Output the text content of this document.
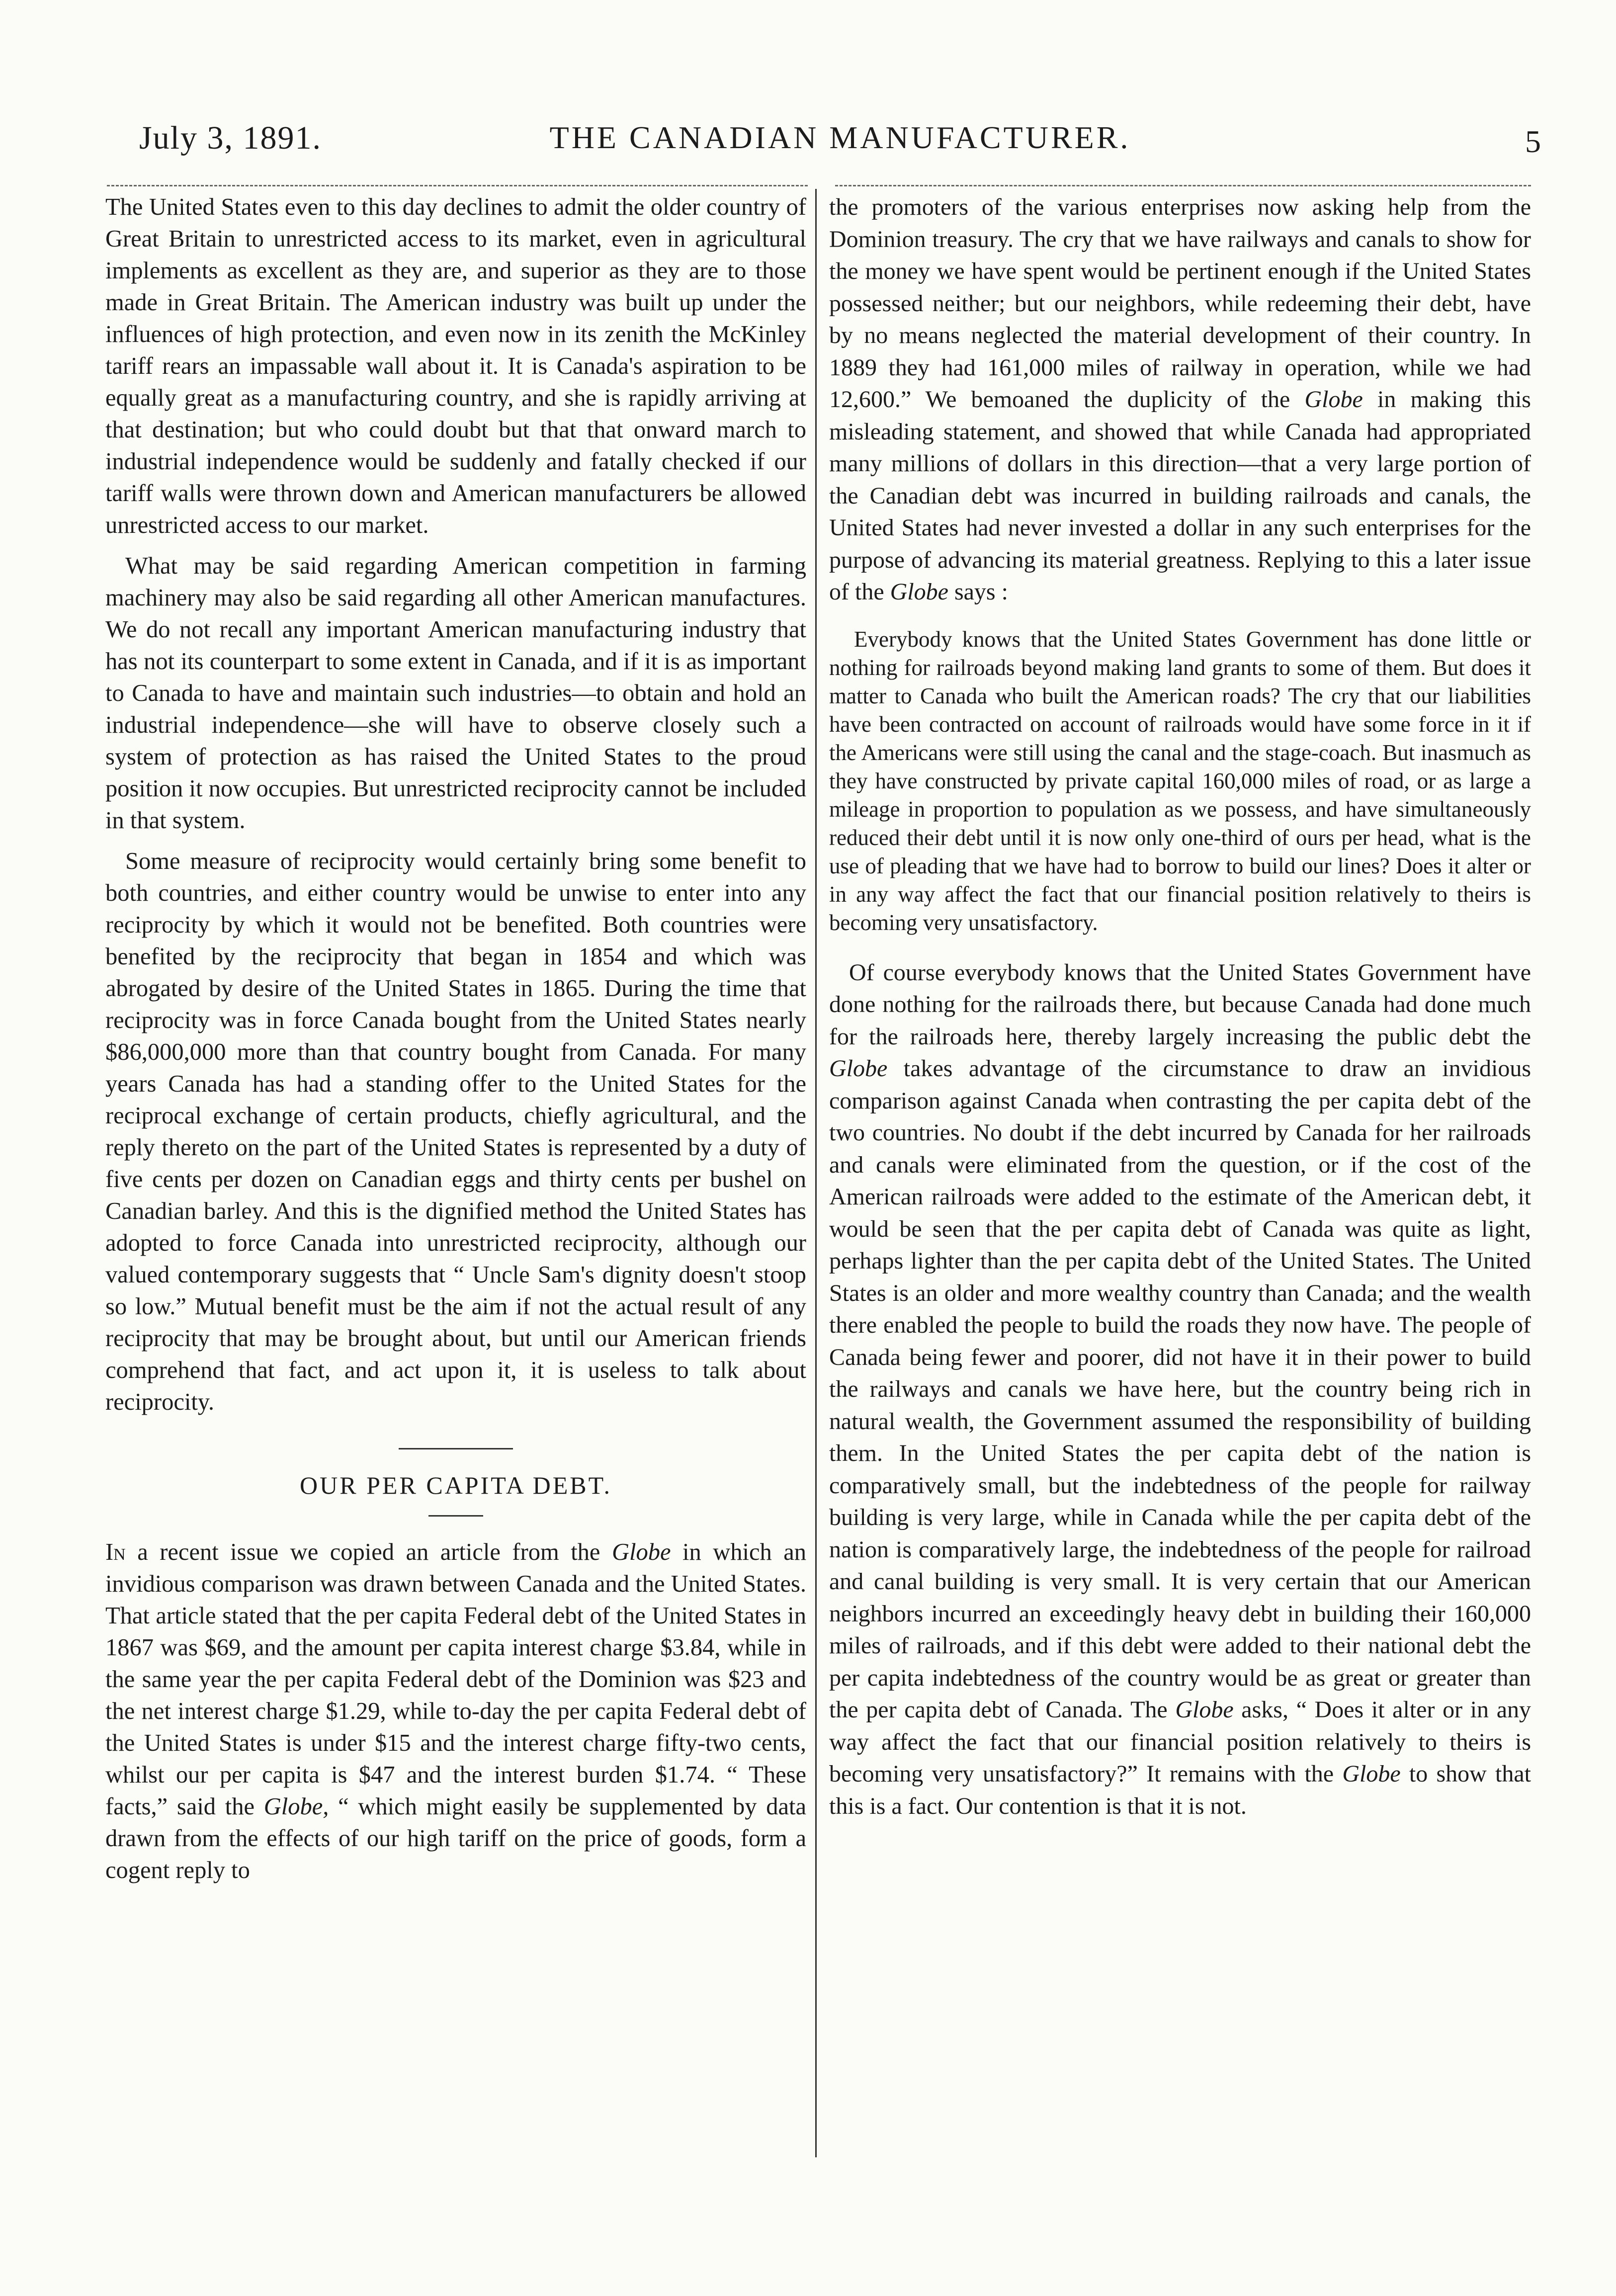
July 3, 1891.	THE CANADIAN MANUFACTURER.	5

The United States even to this day declines to admit the older country of Great Britain to unrestricted access to its market, even in agricultural implements as excellent as they are, and superior as they are to those made in Great Britain. The American industry was built up under the influences of high protection, and even now in its zenith the McKinley tariff rears an impassable wall about it. It is Canada's aspiration to be equally great as a manufacturing country, and she is rapidly arriving at that destination; but who could doubt but that that onward march to industrial independence would be suddenly and fatally checked if our tariff walls were thrown down and American manufacturers be allowed unrestricted access to our market.

What may be said regarding American competition in farming machinery may also be said regarding all other American manufactures. We do not recall any important American manufacturing industry that has not its counterpart to some extent in Canada, and if it is as important to Canada to have and maintain such industries—to obtain and hold an industrial independence—she will have to observe closely such a system of protection as has raised the United States to the proud position it now occupies. But unrestricted reciprocity cannot be included in that system.

Some measure of reciprocity would certainly bring some benefit to both countries, and either country would be unwise to enter into any reciprocity by which it would not be benefited. Both countries were benefited by the reciprocity that began in 1854 and which was abrogated by desire of the United States in 1865. During the time that reciprocity was in force Canada bought from the United States nearly $86,000,000 more than that country bought from Canada. For many years Canada has had a standing offer to the United States for the reciprocal exchange of certain products, chiefly agricultural, and the reply thereto on the part of the United States is represented by a duty of five cents per dozen on Canadian eggs and thirty cents per bushel on Canadian barley. And this is the dignified method the United States has adopted to force Canada into unrestricted reciprocity, although our valued contemporary suggests that “ Uncle Sam's dignity doesn't stoop so low.” Mutual benefit must be the aim if not the actual result of any reciprocity that may be brought about, but until our American friends comprehend that fact, and act upon it, it is useless to talk about reciprocity.

OUR PER CAPITA DEBT.

In a recent issue we copied an article from the Globe in which an invidious comparison was drawn between Canada and the United States. That article stated that the per capita Federal debt of the United States in 1867 was $69, and the amount per capita interest charge $3.84, while in the same year the per capita Federal debt of the Dominion was $23 and the net interest charge $1.29, while to-day the per capita Federal debt of the United States is under $15 and the interest charge fifty-two cents, whilst our per capita is $47 and the interest burden $1.74. “ These facts,” said the Globe, “ which might easily be supplemented by data drawn from the effects of our high tariff on the price of goods, form a cogent reply to

the promoters of the various enterprises now asking help from the Dominion treasury. The cry that we have railways and canals to show for the money we have spent would be pertinent enough if the United States possessed neither; but our neighbors, while redeeming their debt, have by no means neglected the material development of their country. In 1889 they had 161,000 miles of railway in operation, while we had 12,600.” We bemoaned the duplicity of the Globe in making this misleading statement, and showed that while Canada had appropriated many millions of dollars in this direction—that a very large portion of the Canadian debt was incurred in building railroads and canals, the United States had never invested a dollar in any such enterprises for the purpose of advancing its material greatness. Replying to this a later issue of the Globe says :

Everybody knows that the United States Government has done little or nothing for railroads beyond making land grants to some of them. But does it matter to Canada who built the American roads? The cry that our liabilities have been contracted on account of railroads would have some force in it if the Americans were still using the canal and the stage-coach. But inasmuch as they have constructed by private capital 160,000 miles of road, or as large a mileage in proportion to population as we possess, and have simultaneously reduced their debt until it is now only one-third of ours per head, what is the use of pleading that we have had to borrow to build our lines? Does it alter or in any way affect the fact that our financial position relatively to theirs is becoming very unsatisfactory.

Of course everybody knows that the United States Government have done nothing for the railroads there, but because Canada had done much for the railroads here, thereby largely increasing the public debt the Globe takes advantage of the circumstance to draw an invidious comparison against Canada when contrasting the per capita debt of the two countries. No doubt if the debt incurred by Canada for her railroads and canals were eliminated from the question, or if the cost of the American railroads were added to the estimate of the American debt, it would be seen that the per capita debt of Canada was quite as light, perhaps lighter than the per capita debt of the United States. The United States is an older and more wealthy country than Canada; and the wealth there enabled the people to build the roads they now have. The people of Canada being fewer and poorer, did not have it in their power to build the railways and canals we have here, but the country being rich in natural wealth, the Government assumed the responsibility of building them. In the United States the per capita debt of the nation is comparatively small, but the indebtedness of the people for railway building is very large, while in Canada while the per capita debt of the nation is comparatively large, the indebtedness of the people for railroad and canal building is very small. It is very certain that our American neighbors incurred an exceedingly heavy debt in building their 160,000 miles of railroads, and if this debt were added to their national debt the per capita indebtedness of the country would be as great or greater than the per capita debt of Canada. The Globe asks, “ Does it alter or in any way affect the fact that our financial position relatively to theirs is becoming very unsatisfactory?” It remains with the Globe to show that this is a fact. Our contention is that it is not.
